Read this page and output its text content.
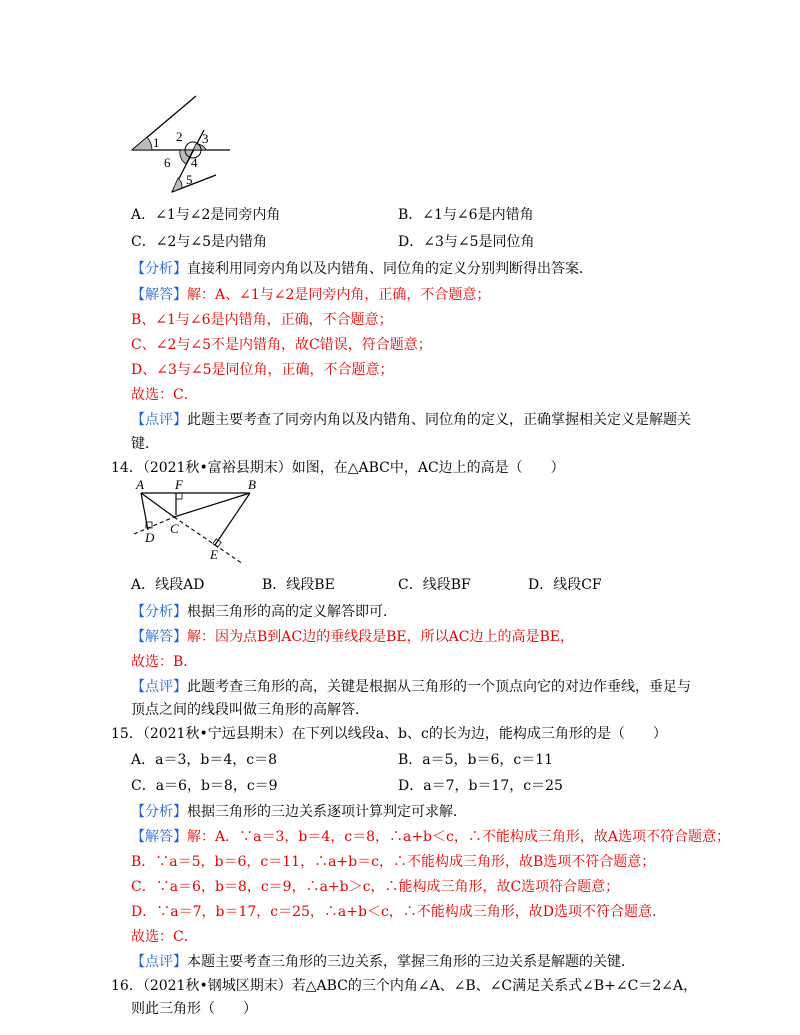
1 2 3
6 4
5
A．∠1与∠2是同旁内角	B．∠1与∠6是内错角
C．∠2与∠5是内错角	D．∠3与∠5是同位角
【分析】直接利用同旁内角以及内错角、同位角的定义分别判断得出答案．
【解答】解：A、∠1与∠2是同旁内角，正确，不合题意；
B、∠1与∠6是内错角，正确，不合题意；
C、∠2与∠5不是内错角，故C错误，符合题意；
D、∠3与∠5是同位角，正确，不合题意；
故选：C．
【点评】此题主要考查了同旁内角以及内错角、同位角的定义，正确掌握相关定义是解题关
键．
14．（2021秋•富裕县期末）如图，在△ABC中，AC边上的高是（　　）
A F	B
C
D
E
A．线段AD	B．线段BE	C．线段BF	D．线段CF
【分析】根据三角形的高的定义解答即可．
【解答】解：因为点B到AC边的垂线段是BE，所以AC边上的高是BE，
故选：B．
【点评】此题考查三角形的高，关键是根据从三角形的一个顶点向它的对边作垂线，垂足与
顶点之间的线段叫做三角形的高解答．
15．（2021秋•宁远县期末）在下列以线段a、b、c的长为边，能构成三角形的是（　　）
A．a＝3，b＝4，c＝8	B．a＝5，b＝6，c＝11
C．a＝6，b＝8，c＝9	D．a＝7，b＝17，c＝25
【分析】根据三角形的三边关系逐项计算判定可求解．
【解答】解：A．∵a＝3，b＝4，c＝8，∴a+b＜c，∴不能构成三角形，故A选项不符合题意；
B．∵a＝5，b＝6，c＝11，∴a+b＝c，∴不能构成三角形，故B选项不符合题意；
C．∵a＝6，b＝8，c＝9，∴a+b＞c，∴能构成三角形，故C选项符合题意；
D．∵a＝7，b＝17，c＝25，∴a+b＜c，∴不能构成三角形，故D选项不符合题意．
故选：C．
【点评】本题主要考查三角形的三边关系，掌握三角形的三边关系是解题的关键．
16．（2021秋•钢城区期末）若△ABC的三个内角∠A、∠B、∠C满足关系式∠B+∠C＝2∠A，
则此三角形（　　）
